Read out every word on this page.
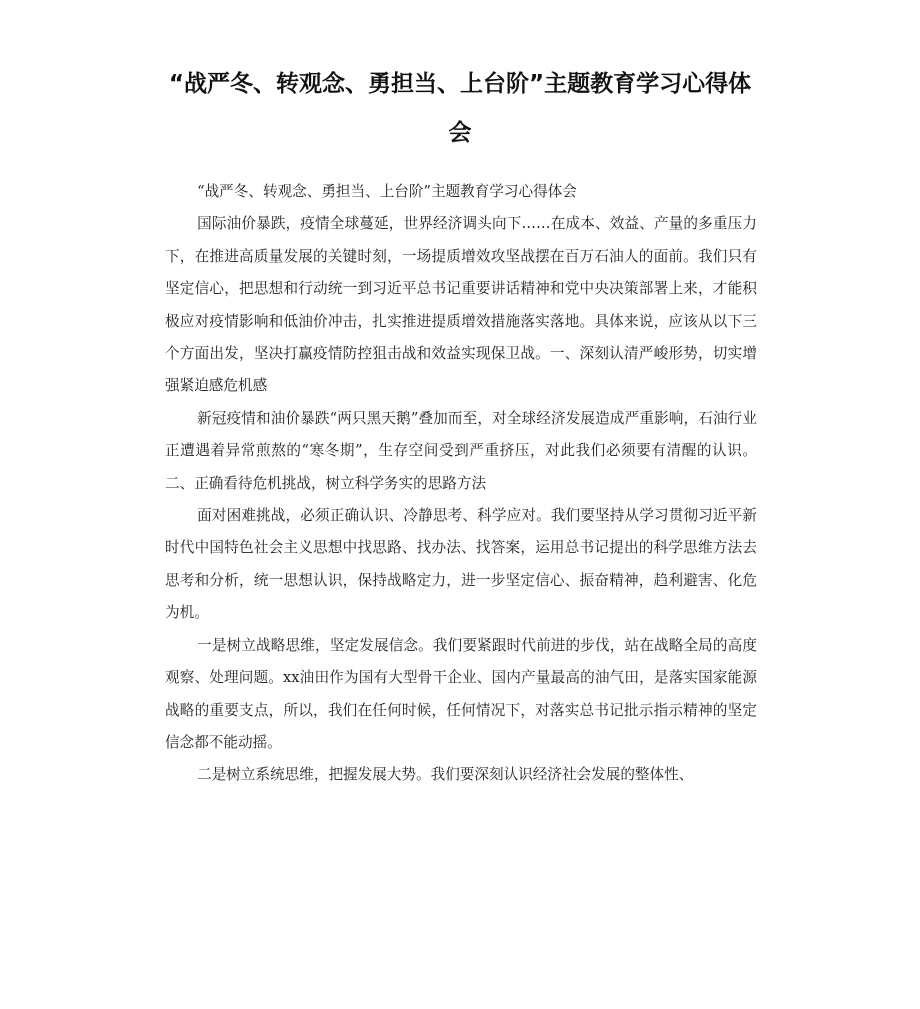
“战严冬、转观念、勇担当、上台阶”主题教育学习心得体会

“战严冬、转观念、勇担当、上台阶”主题教育学习心得体会

国际油价暴跌，疫情全球蔓延，世界经济调头向下……在成本、效益、产量的多重压力下，在推进高质量发展的关键时刻，一场提质增效攻坚战摆在百万石油人的面前。我们只有坚定信心，把思想和行动统一到习近平总书记重要讲话精神和党中央决策部署上来，才能积极应对疫情影响和低油价冲击，扎实推进提质增效措施落实落地。具体来说，应该从以下三个方面出发，坚决打赢疫情防控狙击战和效益实现保卫战。一、深刻认清严峻形势，切实增强紧迫感危机感

新冠疫情和油价暴跌“两只黑天鹅”叠加而至，对全球经济发展造成严重影响，石油行业正遭遇着异常煎熬的“寒冬期”，生存空间受到严重挤压，对此我们必须要有清醒的认识。二、正确看待危机挑战，树立科学务实的思路方法

面对困难挑战，必须正确认识、冷静思考、科学应对。我们要坚持从学习贯彻习近平新时代中国特色社会主义思想中找思路、找办法、找答案，运用总书记提出的科学思维方法去思考和分析，统一思想认识，保持战略定力，进一步坚定信心、振奋精神，趋利避害、化危为机。

一是树立战略思维，坚定发展信念。我们要紧跟时代前进的步伐，站在战略全局的高度观察、处理问题。xx油田作为国有大型骨干企业、国内产量最高的油气田，是落实国家能源战略的重要支点，所以，我们在任何时候，任何情况下，对落实总书记批示指示精神的坚定信念都不能动摇。

二是树立系统思维，把握发展大势。我们要深刻认识经济社会发展的整体性、
